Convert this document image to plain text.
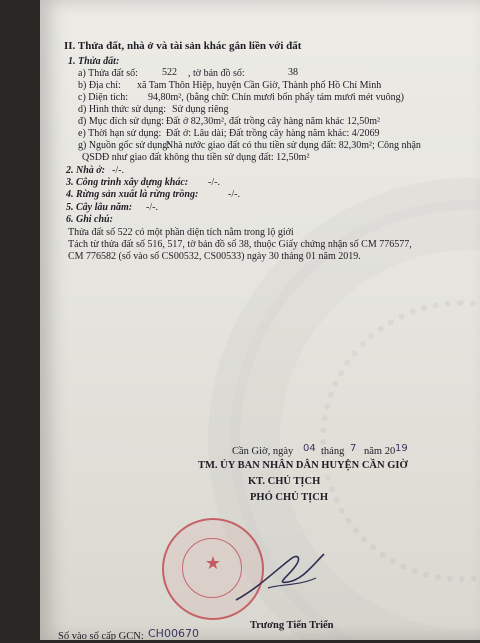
II. Thửa đất, nhà ở và tài sản khác gắn liền với đất
1. Thửa đất:
a) Thửa đất số: 522 , tờ bản đồ số:	38
b) Địa chỉ: xã Tam Thôn Hiệp, huyện Cần Giờ, Thành phố Hồ Chí Minh
c) Diện tích: 94,80m², (bằng chữ: Chín mươi bốn phẩy tám mươi mét vuông)
d) Hình thức sử dụng: Sử dụng riêng
đ) Mục đích sử dụng: Đất ở 82,30m², đất trồng cây hàng năm khác 12,50m²
e) Thời hạn sử dụng: Đất ở: Lâu dài; Đất trồng cây hàng năm khác: 4/2069
g) Nguồn gốc sử dụng:
Nhà nước giao đất có thu tiền sử dụng đất: 82,30m²; Công nhận
QSDĐ như giao đất không thu tiền sử dụng đất: 12,50m²
2. Nhà ở: -/-.
3. Công trình xây dựng khác: -/-.
4. Rừng sản xuất là rừng trồng:	-/-.
5. Cây lâu năm: -/-.
6. Ghi chú:
Thửa đất số 522 có một phần diện tích nằm trong lộ giới
Tách từ thửa đất số 516, 517, tờ bản đồ số 38, thuộc Giấy chứng nhận số CM 776577,
CM 776582 (số vào sổ CS00532, CS00533) ngày 30 tháng 01 năm 2019.
Cần Giờ, ngày 04 tháng 7 năm 20 19
TM. ỦY BAN NHÂN DÂN HUYỆN CẦN GIỜ
KT. CHỦ TỊCH
PHÓ CHỦ TỊCH
★
Trương Tiến Triển
Số vào sổ cấp GCN: CH00670
